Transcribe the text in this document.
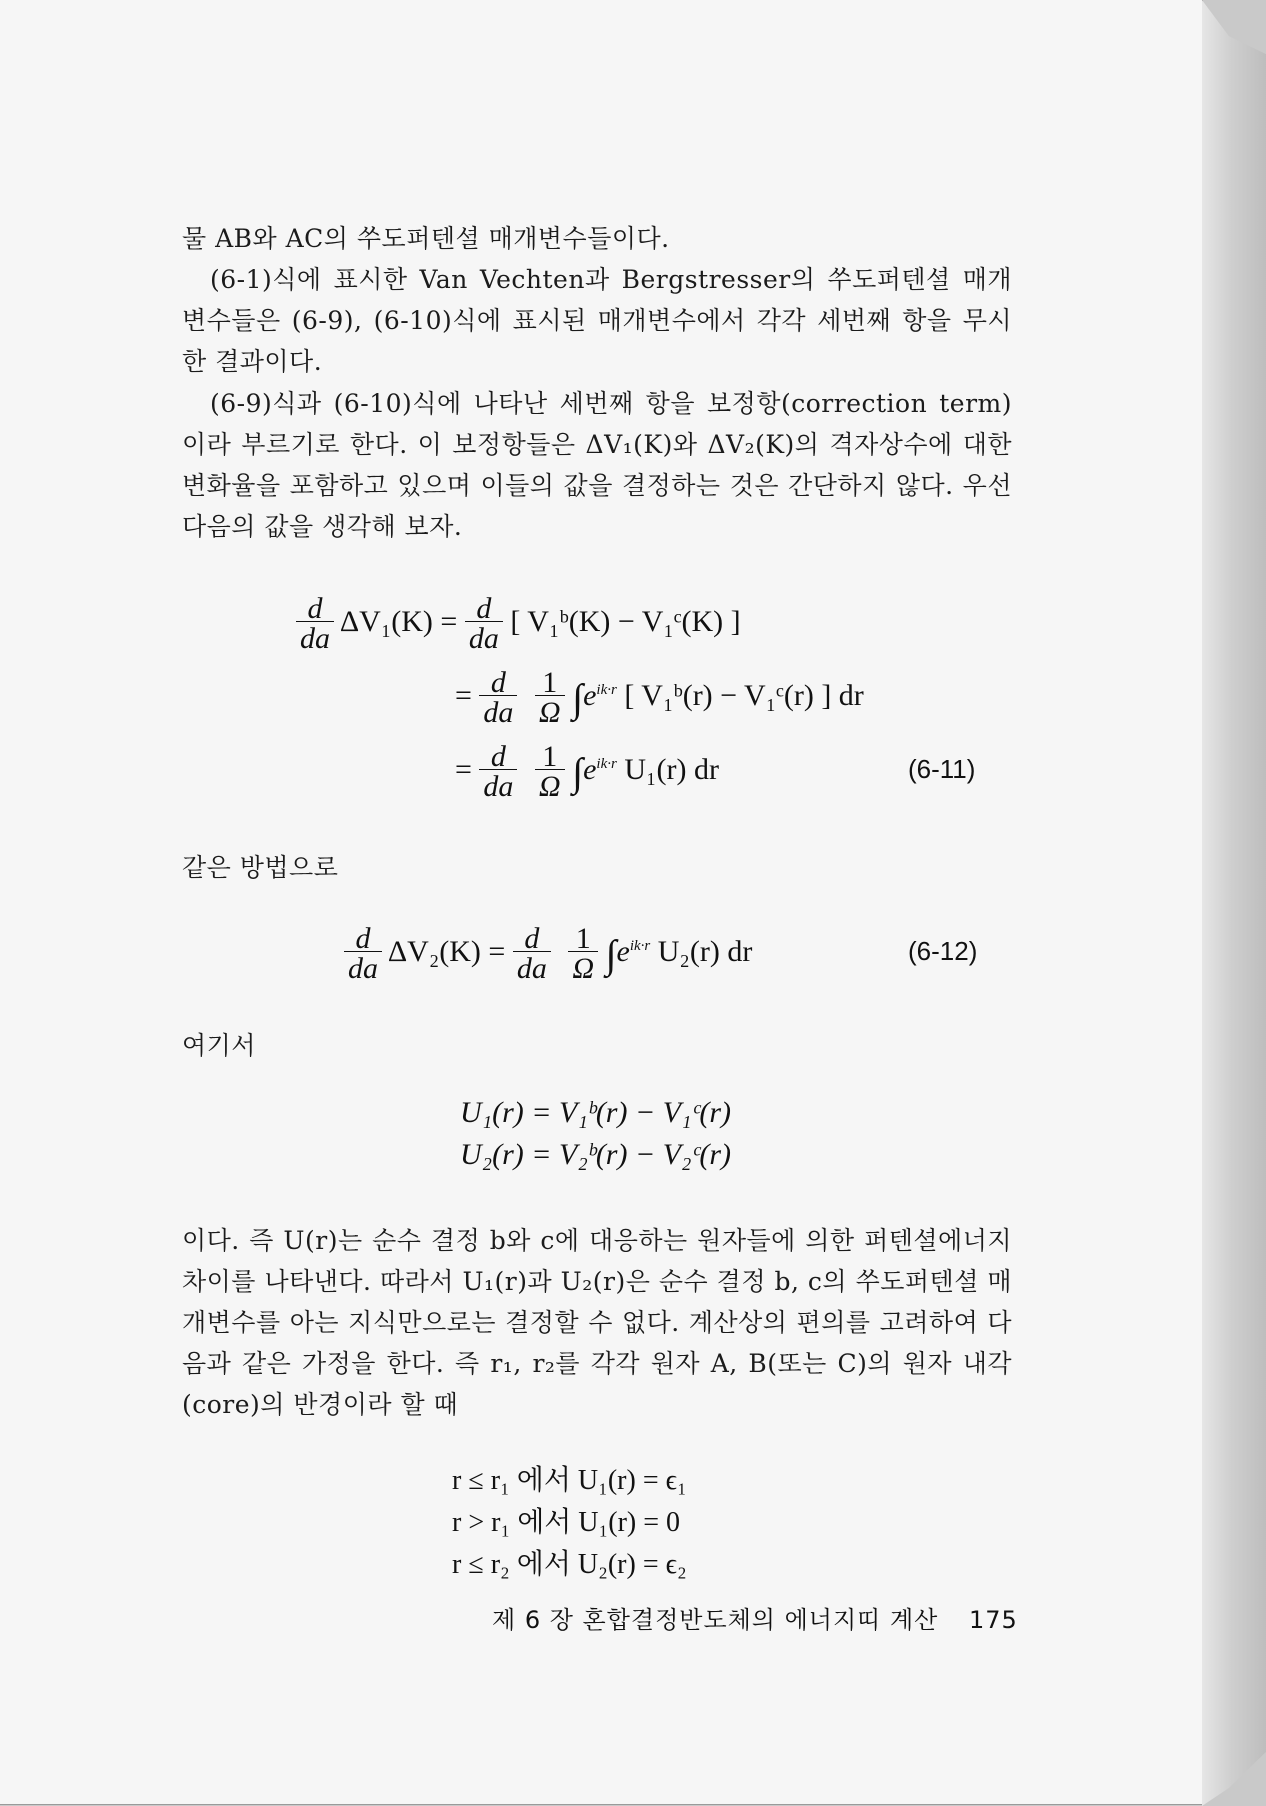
물 AB와 AC의 쑤도퍼텐셜 매개변수들이다.
(6-1)식에 표시한 Van Vechten과 Bergstresser의 쑤도퍼텐셜 매개변수들은 (6-9), (6-10)식에 표시된 매개변수에서 각각 세번째 항을 무시한 결과이다.
(6-9)식과 (6-10)식에 나타난 세번째 항을 보정항(correction term)이라 부르기로 한다. 이 보정항들은 ΔV₁(K)와 ΔV₂(K)의 격자상수에 대한 변화율을 포함하고 있으며 이들의 값을 결정하는 것은 간단하지 않다. 우선 다음의 값을 생각해 보자.
$\frac{d}{da} \Delta V_1(K) = \frac{d}{da}$ [ V₁ᵇ(K) − V₁ᶜ(K) ]
= $\frac{d}{da} 1$
Ω $\int e^{ik\cdot r}$ [ V₁ᵇ(r) − V₁ᶜ(r) ] dr
= $\frac{d}{da} 1$
Ω $\int e^{ik\cdot r}$ U₁(r) dr	(6-11)
같은 방법으로
$\frac{d}{da} \Delta V_2(K) = \frac{d}{da} 1$
Ω $\int e^{ik\cdot r}$ U₂(r) dr	(6-12)
여기서
U₁(r) = V₁ᵇ(r) − V₁ᶜ(r)
U₂(r) = V₂ᵇ(r) − V₂ᶜ(r)
이다. 즉 U(r)는 순수 결정 b와 c에 대응하는 원자들에 의한 퍼텐셜에너지 차이를 나타낸다. 따라서 U₁(r)과 U₂(r)은 순수 결정 b, c의 쑤도퍼텐셜 매개변수를 아는 지식만으로는 결정할 수 없다. 계산상의 편의를 고려하여 다음과 같은 가정을 한다. 즉 r₁, r₂를 각각 원자 A, B(또는 C)의 원자 내각(core)의 반경이라 할 때
r ≤ r₁ 에서 U₁(r) = ϵ₁
r > r₁ 에서 U₁(r) = 0
r ≤ r₂ 에서 U₂(r) = ϵ₂
제 6 장 혼합결정반도체의 에너지띠 계산 175
